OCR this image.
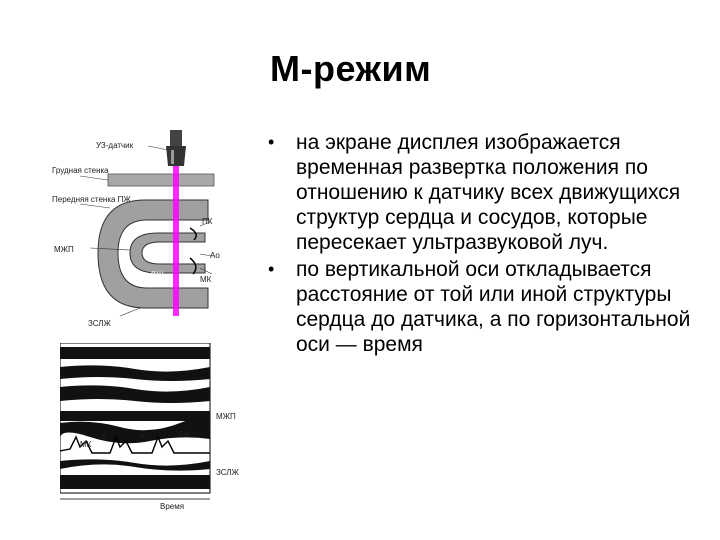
М-режим
•	на экране дисплея изображается временная развертка положения по отношению к датчику всех движущихся структур сердца и сосудов, которые пересекает ультразвуковой луч.
•	по вертикальной оси откладывается расстояние от той или иной структуры сердца до датчика, а по горизонтальной оси — время
УЗ-датчик
Грудная стенка
Передняя стенка ПЖ
ПЖ
МЖП
ЛЖ
ПК
Ао
МК
ЗСЛЖ
ПЖ
МЖП
МК
Е	А	ЛЖ
ЗСЛЖ
Время
